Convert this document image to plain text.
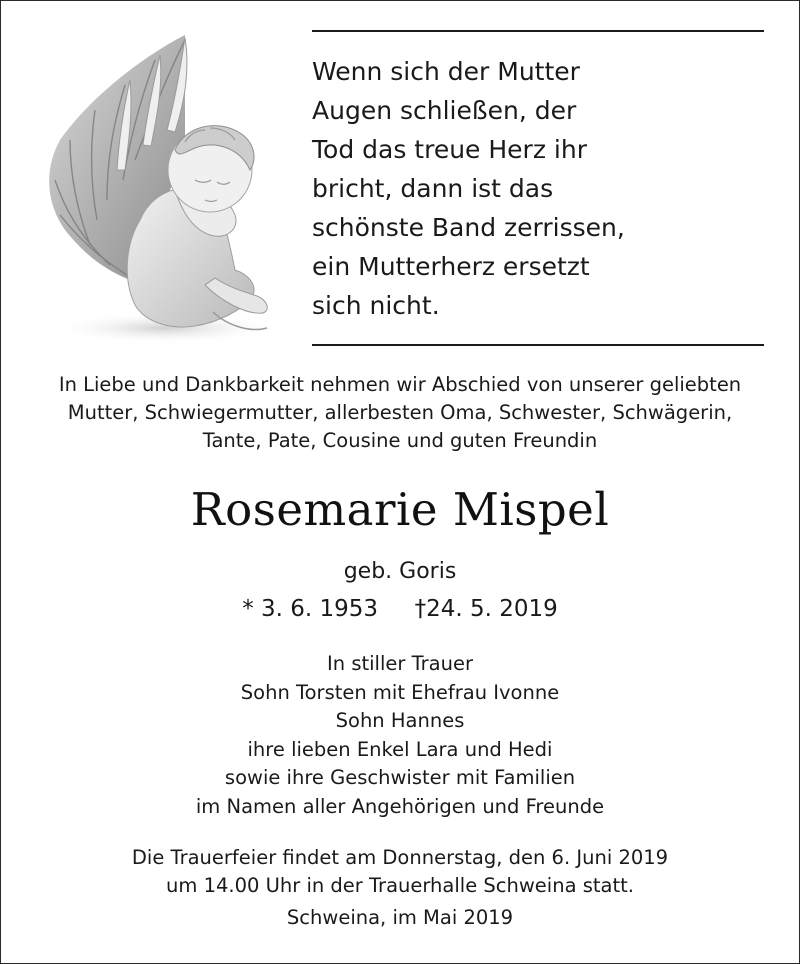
Wenn sich der Mutter
Augen schließen, der
Tod das treue Herz ihr
bricht, dann ist das
schönste Band zerrissen,
ein Mutterherz ersetzt
sich nicht.
In Liebe und Dankbarkeit nehmen wir Abschied von unserer geliebten
Mutter, Schwiegermutter, allerbesten Oma, Schwester, Schwägerin,
Tante, Pate, Cousine und guten Freundin
Rosemarie Mispel
geb. Goris
* 3. 6. 1953 †24. 5. 2019
In stiller Trauer
Sohn Torsten mit Ehefrau Ivonne
Sohn Hannes
ihre lieben Enkel Lara und Hedi
sowie ihre Geschwister mit Familien
im Namen aller Angehörigen und Freunde
Die Trauerfeier findet am Donnerstag, den 6. Juni 2019
um 14.00 Uhr in der Trauerhalle Schweina statt.
Schweina, im Mai 2019
